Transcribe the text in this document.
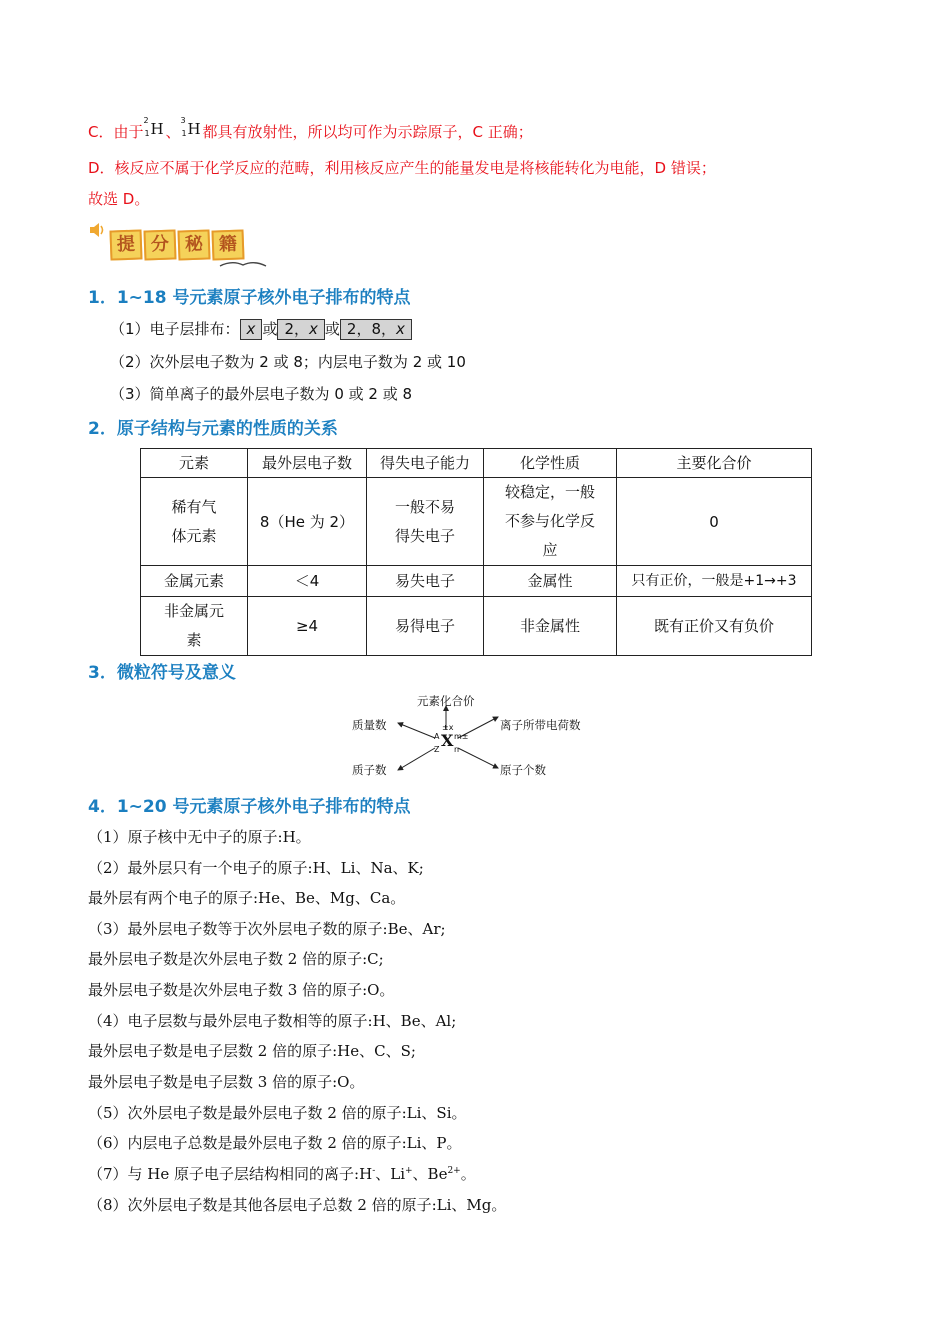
C．由于
2
1 H 、
3
1 H 都具有放射性，所以均可作为示踪原子，C 正确；
D．核反应不属于化学反应的范畴，利用核反应产生的能量发电是将核能转化为电能，D 错误；
故选 D。
提 分 秘 籍
1．1~18 号元素原子核外电子排布的特点
（1）电子层排布： x 或 2，x 或 2，8，x
（2）次外层电子数为 2 或 8；内层电子数为 2 或 10
（3）简单离子的最外层电子数为 0 或 2 或 8
2．原子结构与元素的性质的关系
元素	最外层电子数	得失电子能力	化学性质	主要化合价

稀有气体元素	8（He 为 2）	一般不易得失电子	较稳定，一般不参与化学反应	0
金属元素	＜4	易失电子	金属性	只有正价，一般是+1→+3

非金属元素	≥4	易得电子	非金属性	既有正价又有负价
3．微粒符号及意义
元素化合价
质量数	离子所带电荷数
质子数	原子个数
±x
A
Z X m±
n
4．1~20 号元素原子核外电子排布的特点
（1）原子核中无中子的原子:H。
（2）最外层只有一个电子的原子:H、Li、Na、K;
最外层有两个电子的原子:He、Be、Mg、Ca。
（3）最外层电子数等于次外层电子数的原子:Be、Ar;
最外层电子数是次外层电子数 2 倍的原子:C;
最外层电子数是次外层电子数 3 倍的原子:O。
（4）电子层数与最外层电子数相等的原子:H、Be、Al;
最外层电子数是电子层数 2 倍的原子:He、C、S;
最外层电子数是电子层数 3 倍的原子:O。
（5）次外层电子数是最外层电子数 2 倍的原子:Li、Si。
（6）内层电子总数是最外层电子数 2 倍的原子:Li、P。
（7）与 He 原子电子层结构相同的离子:H-、Li+、$Be^{2+}$。
（8）次外层电子数是其他各层电子总数 2 倍的原子:Li、Mg。
